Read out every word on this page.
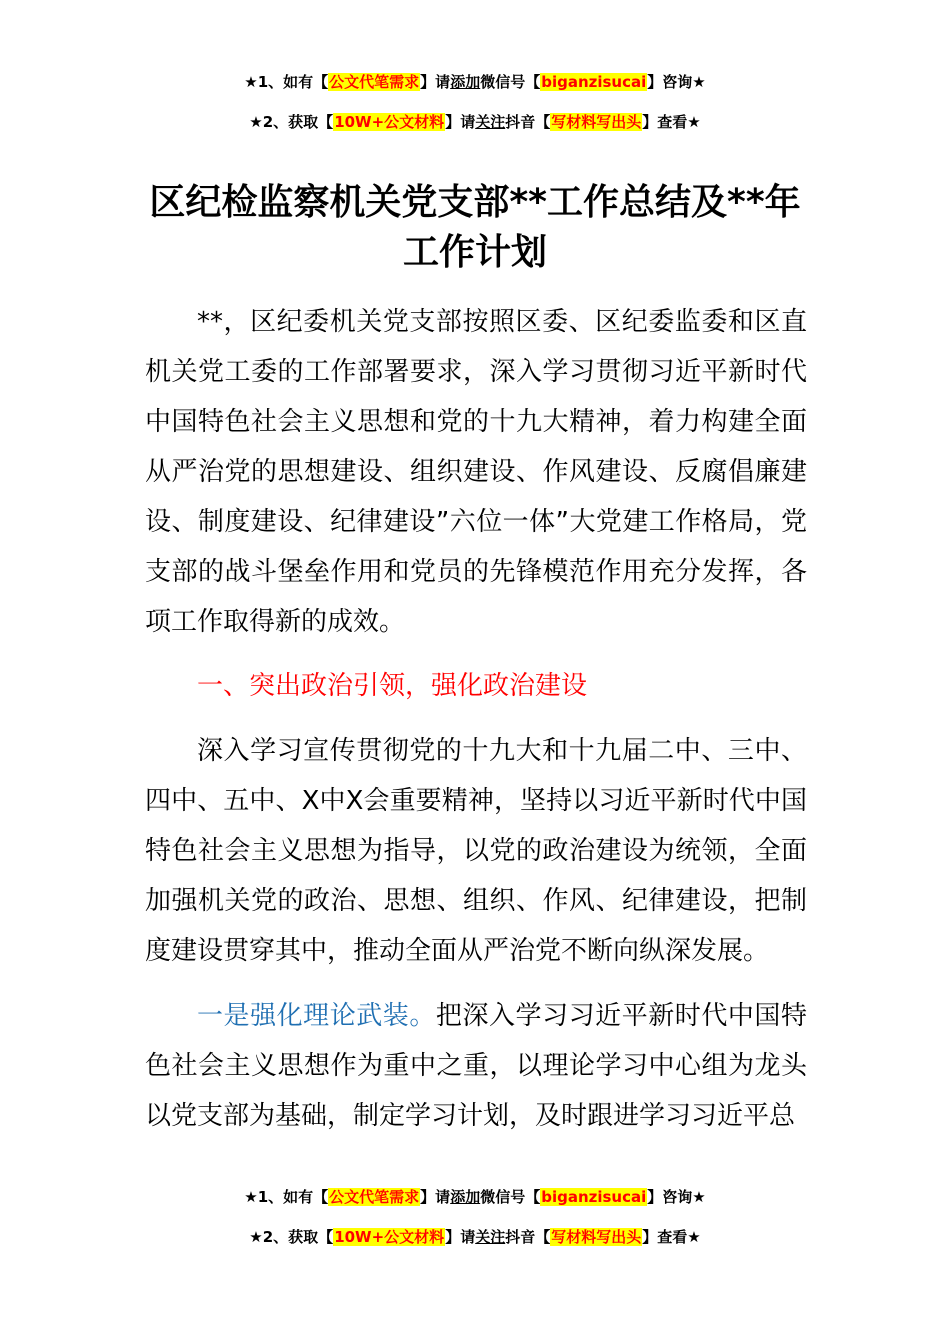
★1、如有【公文代笔需求】请添加微信号【biganzisucai】咨询★
★2、获取【10W+公文材料】请关注抖音【写材料写出头】查看★
区纪检监察机关党支部**工作总结及**年
工作计划

**，区纪委机关党支部按照区委、区纪委监委和区直机关党工委的工作部署要求，深入学习贯彻习近平新时代中国特色社会主义思想和党的十九大精神，着力构建全面从严治党的思想建设、组织建设、作风建设、反腐倡廉建设、制度建设、纪律建设”六位一体”大党建工作格局，党支部的战斗堡垒作用和党员的先锋模范作用充分发挥，各项工作取得新的成效。

一、突出政治引领，强化政治建设

深入学习宣传贯彻党的十九大和十九届二中、三中、四中、五中、X中X会重要精神，坚持以习近平新时代中国特色社会主义思想为指导，以党的政治建设为统领，全面加强机关党的政治、思想、组织、作风、纪律建设，把制度建设贯穿其中，推动全面从严治党不断向纵深发展。

一是强化理论武装。把深入学习习近平新时代中国特色社会主义思想作为重中之重，以理论学习中心组为龙头以党支部为基础，制定学习计划，及时跟进学习习近平总

★1、如有【公文代笔需求】请添加微信号【biganzisucai】咨询★
★2、获取【10W+公文材料】请关注抖音【写材料写出头】查看★
